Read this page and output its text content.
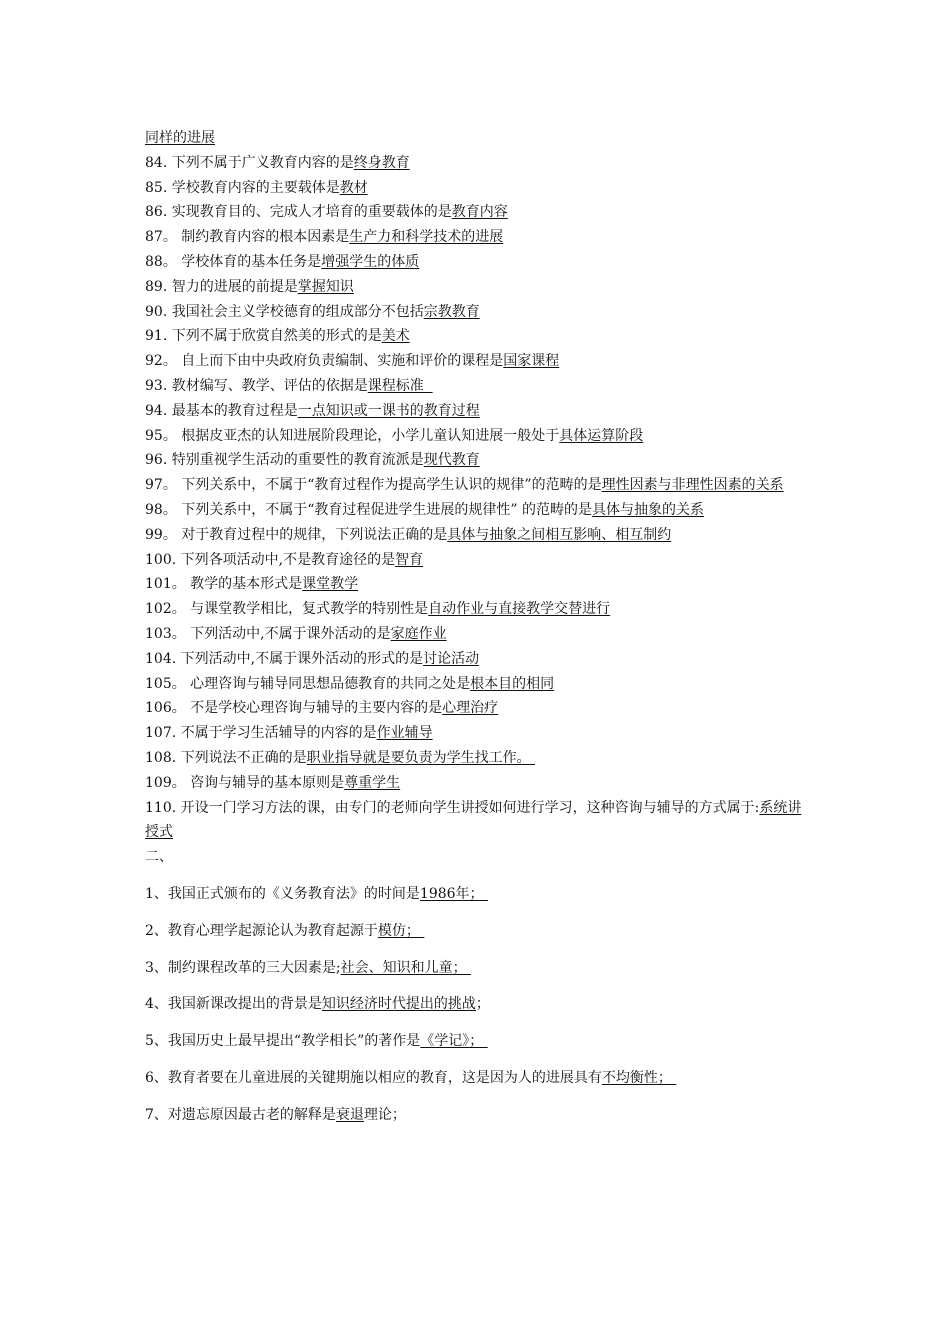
同样的进展
84. 下列不属于广义教育内容的是终身教育
85. 学校教育内容的主要载体是教材
86. 实现教育目的、完成人才培育的重要载体的是教育内容
87。 制约教育内容的根本因素是生产力和科学技术的进展
88。 学校体育的基本任务是增强学生的体质
89. 智力的进展的前提是掌握知识
90. 我国社会主义学校德育的组成部分不包括宗教教育
91. 下列不属于欣赏自然美的形式的是美术
92。 自上而下由中央政府负责编制、实施和评价的课程是国家课程
93. 教材编写、教学、评估的依据是课程标准
94. 最基本的教育过程是一点知识或一课书的教育过程
95。 根据皮亚杰的认知进展阶段理论，小学儿童认知进展一般处于具体运算阶段
96. 特别重视学生活动的重要性的教育流派是现代教育
97。 下列关系中，不属于“教育过程作为提高学生认识的规律”的范畴的是理性因素与非理性因素的关系
98。 下列关系中，不属于“教育过程促进学生进展的规律性” 的范畴的是具体与抽象的关系
99。 对于教育过程中的规律，下列说法正确的是具体与抽象之间相互影响、相互制约
100. 下列各项活动中,不是教育途径的是智育
101。 教学的基本形式是课堂教学
102。 与课堂教学相比，复式教学的特别性是自动作业与直接教学交替进行
103。 下列活动中,不属于课外活动的是家庭作业
104. 下列活动中,不属于课外活动的形式的是讨论活动
105。 心理咨询与辅导同思想品德教育的共同之处是根本目的相同
106。 不是学校心理咨询与辅导的主要内容的是心理治疗
107. 不属于学习生活辅导的内容的是作业辅导
108. 下列说法不正确的是职业指导就是要负责为学生找工作。
109。 咨询与辅导的基本原则是尊重学生
110. 开设一门学习方法的课，由专门的老师向学生讲授如何进行学习，这种咨询与辅导的方式属于:系统讲授式
二、
1、我国正式颁布的《义务教育法》的时间是1986年；
2、教育心理学起源论认为教育起源于模仿；
3、制约课程改革的三大因素是;社会、知识和儿童；
4、我国新课改提出的背景是知识经济时代提出的挑战；
5、我国历史上最早提出“教学相长”的著作是《学记》；
6、教育者要在儿童进展的关键期施以相应的教育，这是因为人的进展具有不均衡性；
7、对遗忘原因最古老的解释是衰退理论；
